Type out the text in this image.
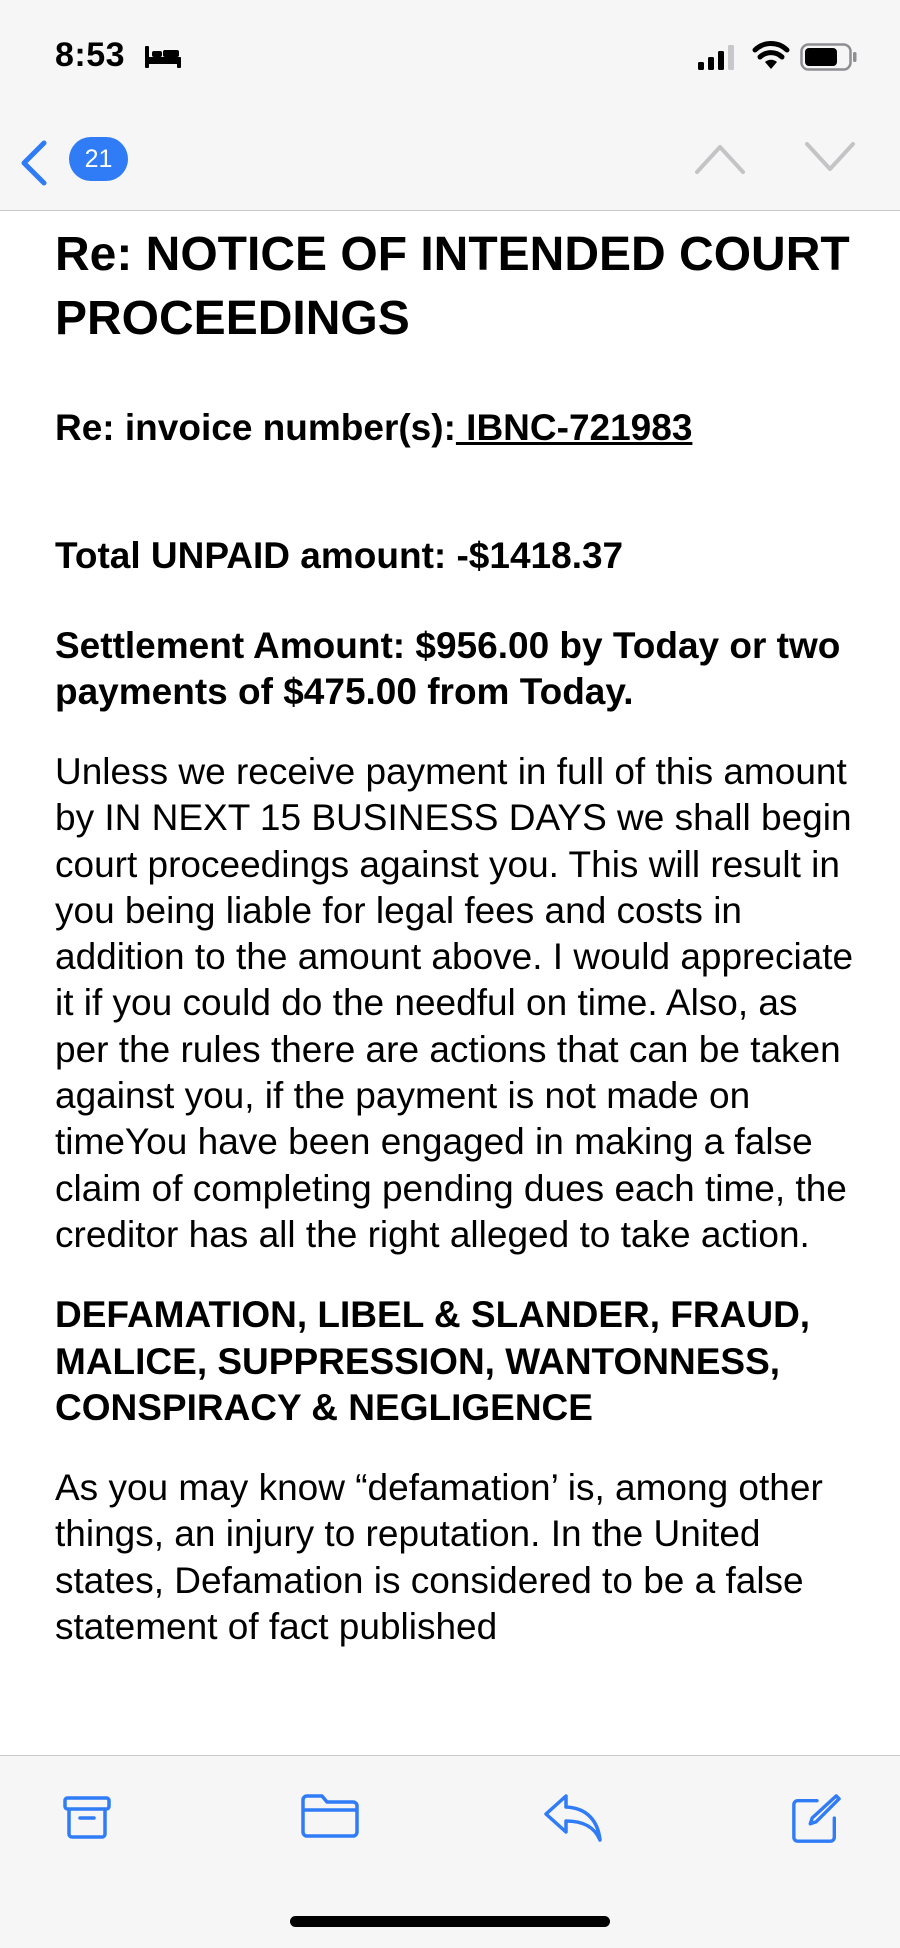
8:53
21
Re: NOTICE OF INTENDED COURT PROCEEDINGS

Re: invoice number(s): IBNC-721983

Total UNPAID amount: -$1418.37

Settlement Amount: $956.00 by Today or two payments of $475.00 from Today.

Unless we receive payment in full of this amount by IN NEXT 15 BUSINESS DAYS we shall begin court proceedings against you. This will result in you being liable for legal fees and costs in addition to the amount above. I would appreciate it if you could do the needful on time. Also, as per the rules there are actions that can be taken against you, if the payment is not made on timeYou have been engaged in making a false claim of completing pending dues each time, the creditor has all the right alleged to take action.

DEFAMATION, LIBEL & SLANDER, FRAUD, MALICE, SUPPRESSION, WANTONNESS, CONSPIRACY & NEGLIGENCE

As you may know “defamation’ is, among other things, an injury to reputation. In the United states, Defamation is considered to be a false statement of fact published
